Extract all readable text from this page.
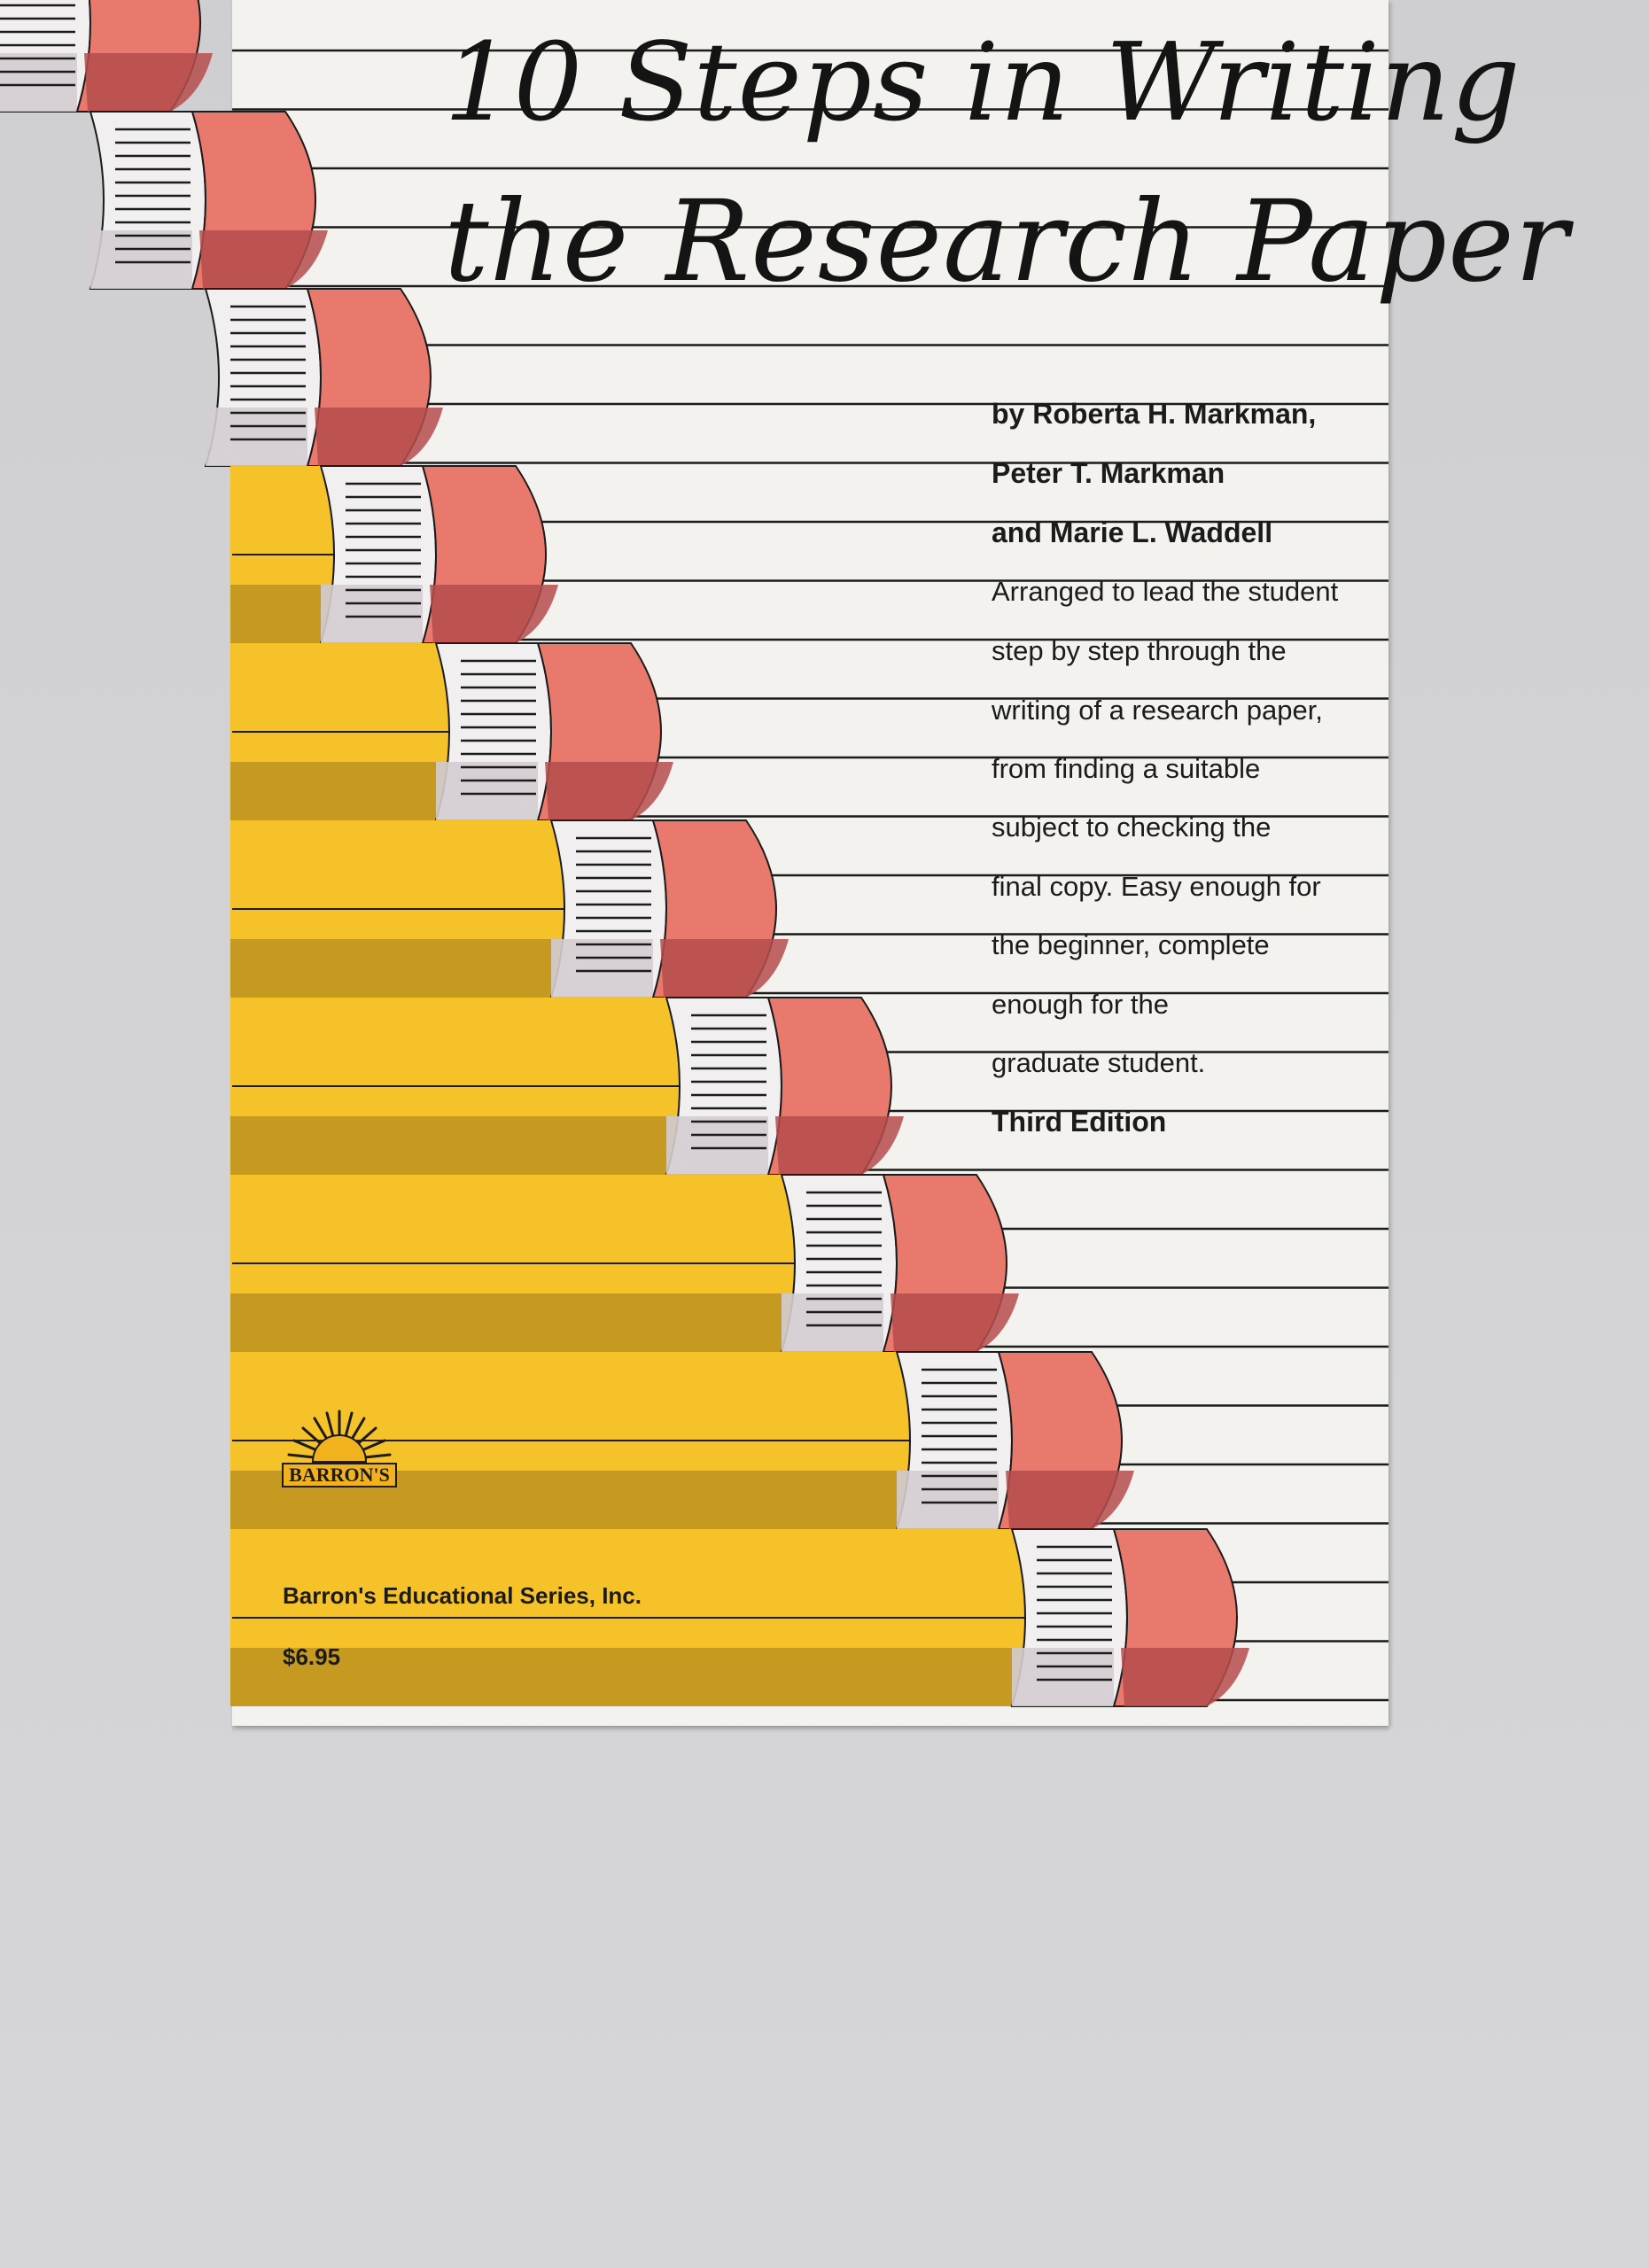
10 Steps in Writing
the Research Paper

by Roberta H. Markman,

Peter T. Markman

and Marie L. Waddell

Arranged to lead the student

step by step through the

writing of a research paper,

from finding a suitable

subject to checking the

final copy. Easy enough for

the beginner, complete

enough for the

graduate student.

Third Edition

BARRON'S

Barron's Educational Series, Inc.

$6.95
